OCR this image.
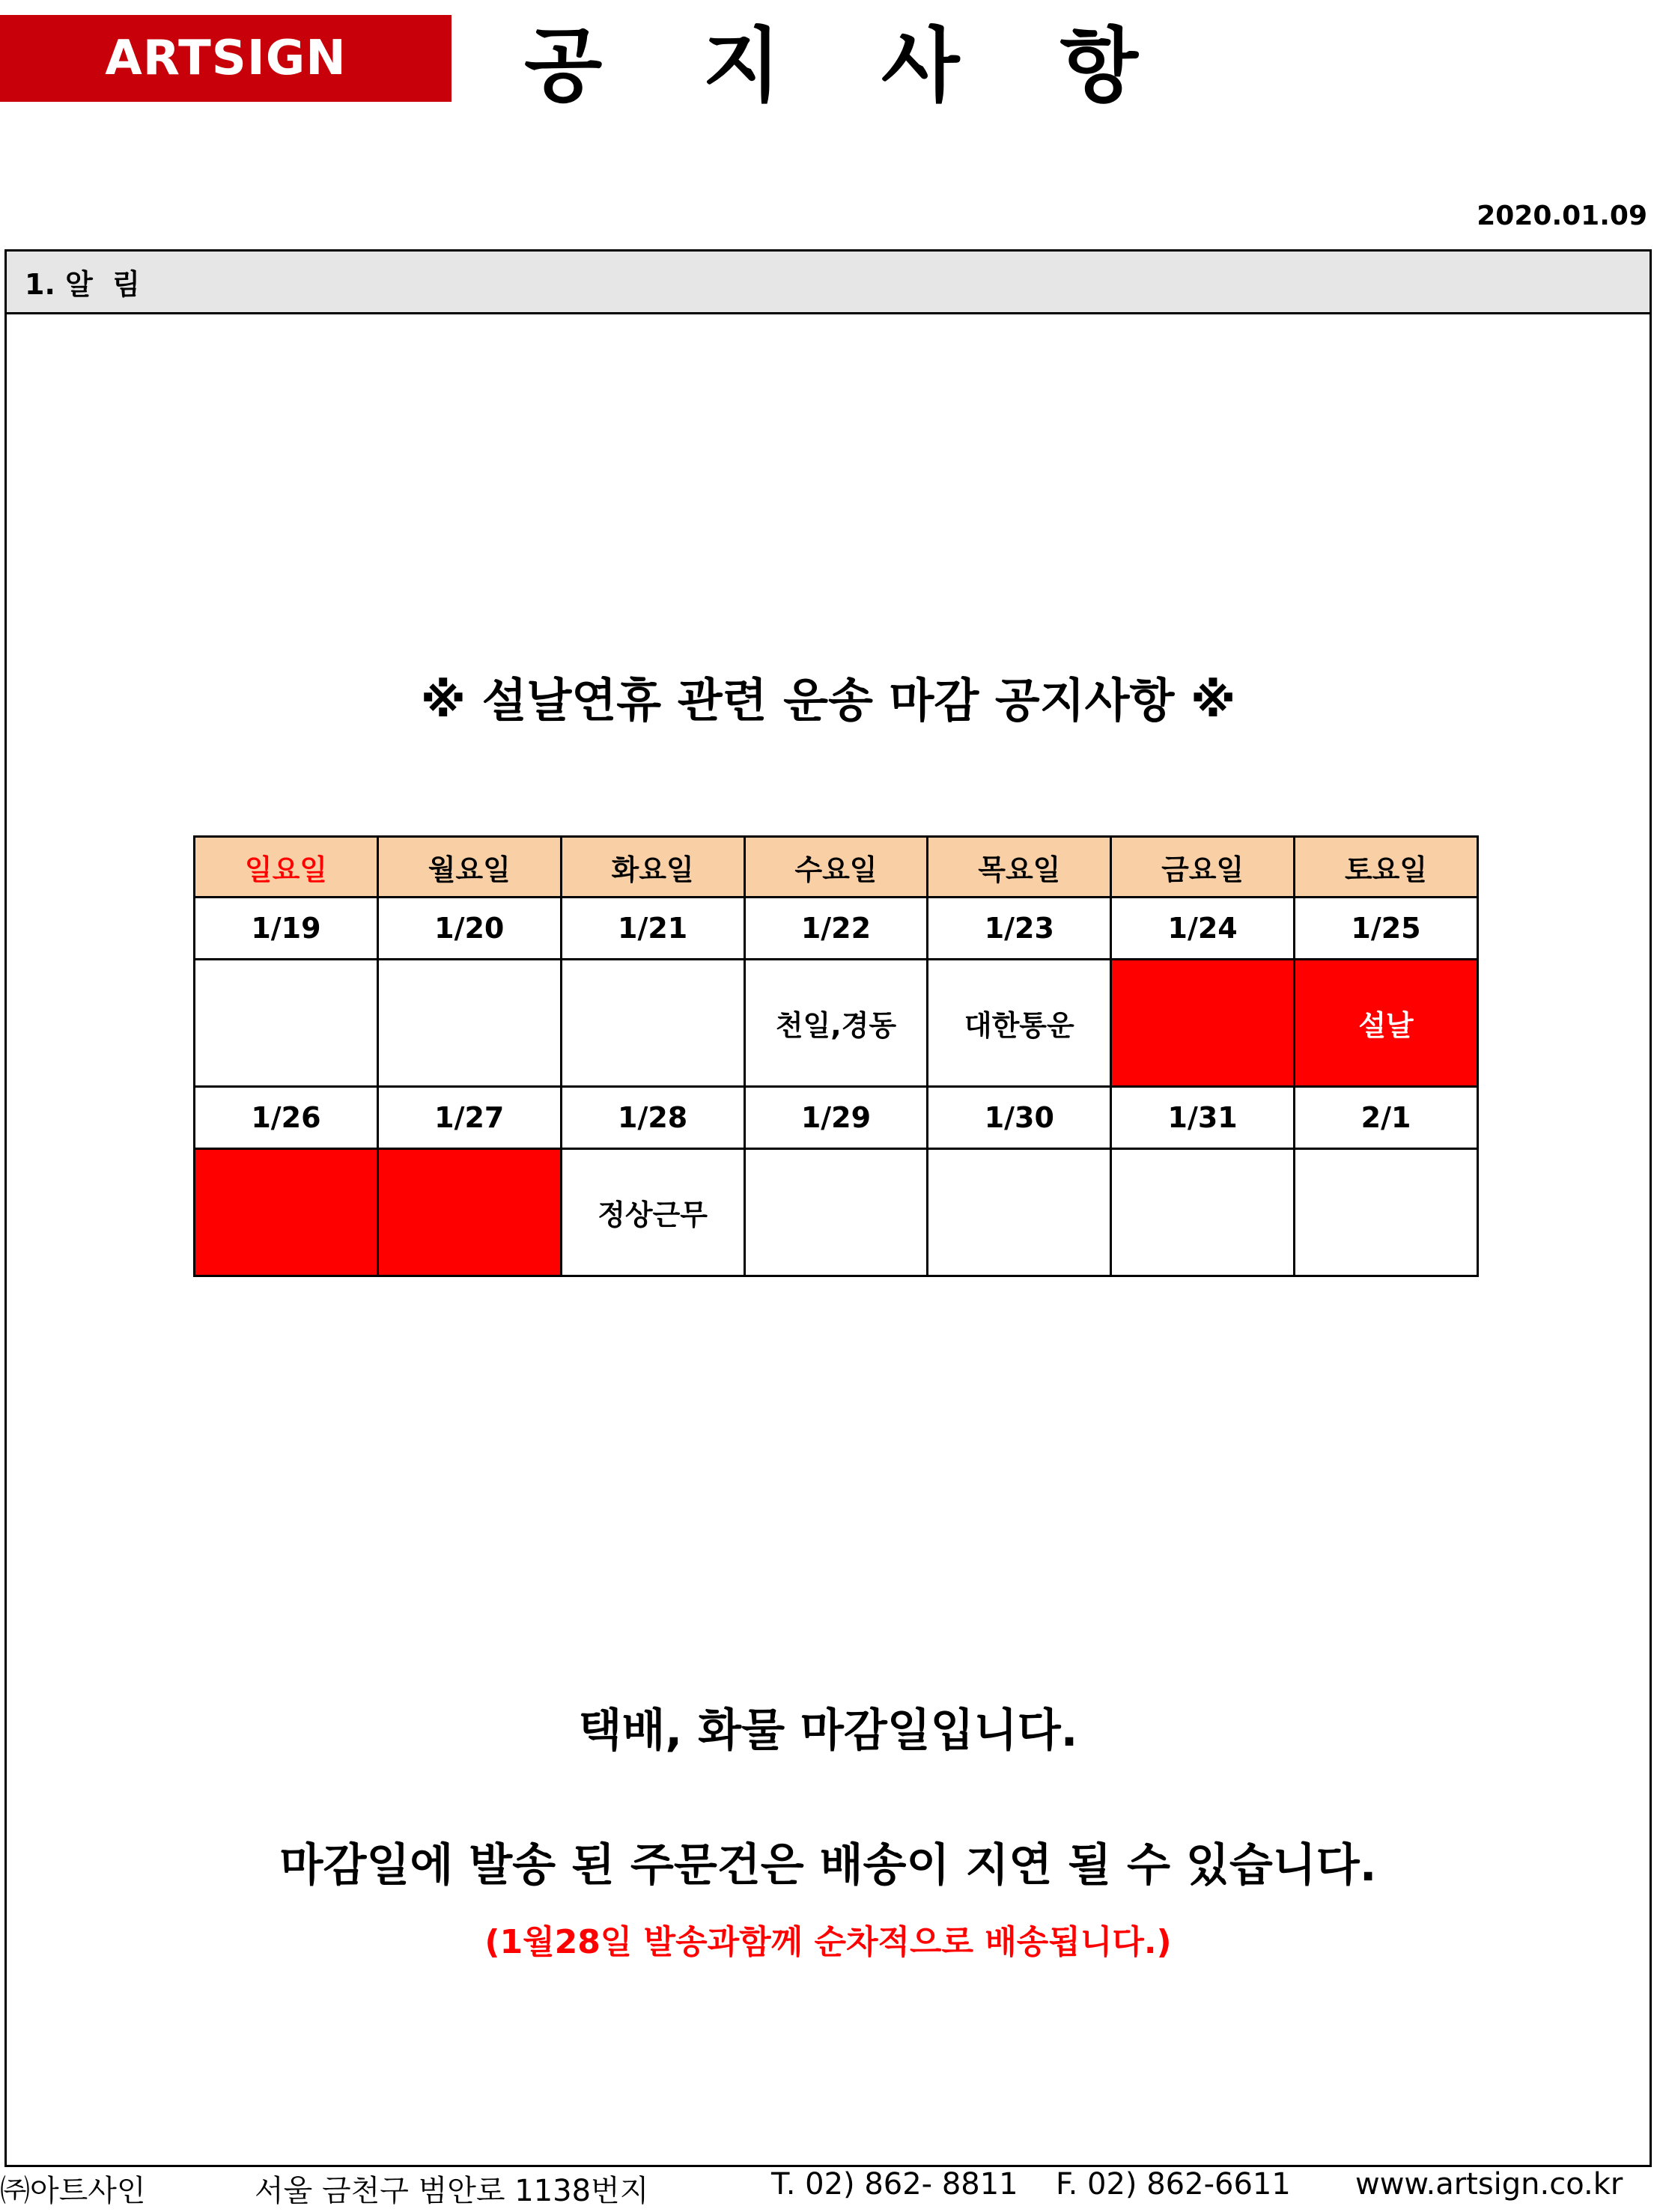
ARTSIGN 공 지 사 항
2020.01.09
1. 알  림
※ 설날연휴 관련 운송 마감 공지사항 ※
일요일	월요일	화요일	수요일	목요일	금요일	토요일
1/19	1/20	1/21	1/22	1/23	1/24	1/25
			천일,경동	대한통운		설날
1/26	1/27	1/28	1/29	1/30	1/31	2/1
		정상근무				
택배, 화물 마감일입니다.
마감일에 발송 된 주문건은 배송이 지연 될 수 있습니다.
(1월28일 발송과함께 순차적으로 배송됩니다.)
㈜아트사인	서울 금천구 범안로 1138번지	T. 02) 862- 8811 F. 02) 862-6611 www.artsign.co.kr
